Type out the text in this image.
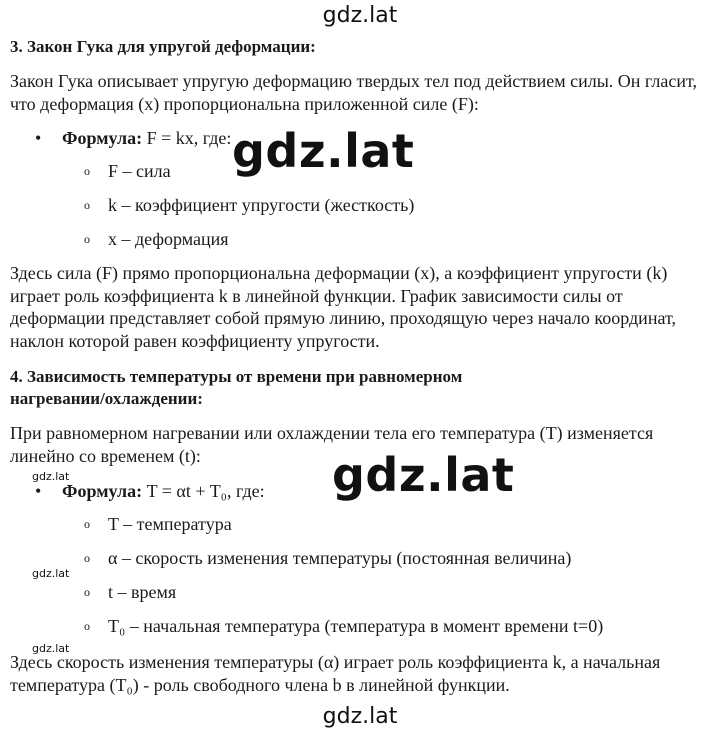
gdz.lat
3. Закон Гука для упругой деформации:
Закон Гука описывает упругую деформацию твердых тел под действием силы. Он гласит, что деформация (x) пропорциональна приложенной силе (F):
• Формула: F = kx, где:
o F – сила
o k – коэффициент упругости (жесткость)
o x – деформация
Здесь сила (F) прямо пропорциональна деформации (x), а коэффициент упругости (k) играет роль коэффициента k в линейной функции. График зависимости силы от деформации представляет собой прямую линию, проходящую через начало координат, наклон которой равен коэффициенту упругости.
4. Зависимость температуры от времени при равномерном
нагревании/охлаждении:
При равномерном нагревании или охлаждении тела его температура (T) изменяется линейно со временем (t):
• Формула: T = αt + T₀, где:
o T – температура
o α – скорость изменения температуры (постоянная величина)
o t – время
o T₀ – начальная температура (температура в момент времени t=0)
Здесь скорость изменения температуры (α) играет роль коэффициента k, а начальная температура (T₀) - роль свободного члена b в линейной функции.
gdz.lat
gdz.lat
gdz.lat
gdz.lat
gdz.lat
gdz.lat
